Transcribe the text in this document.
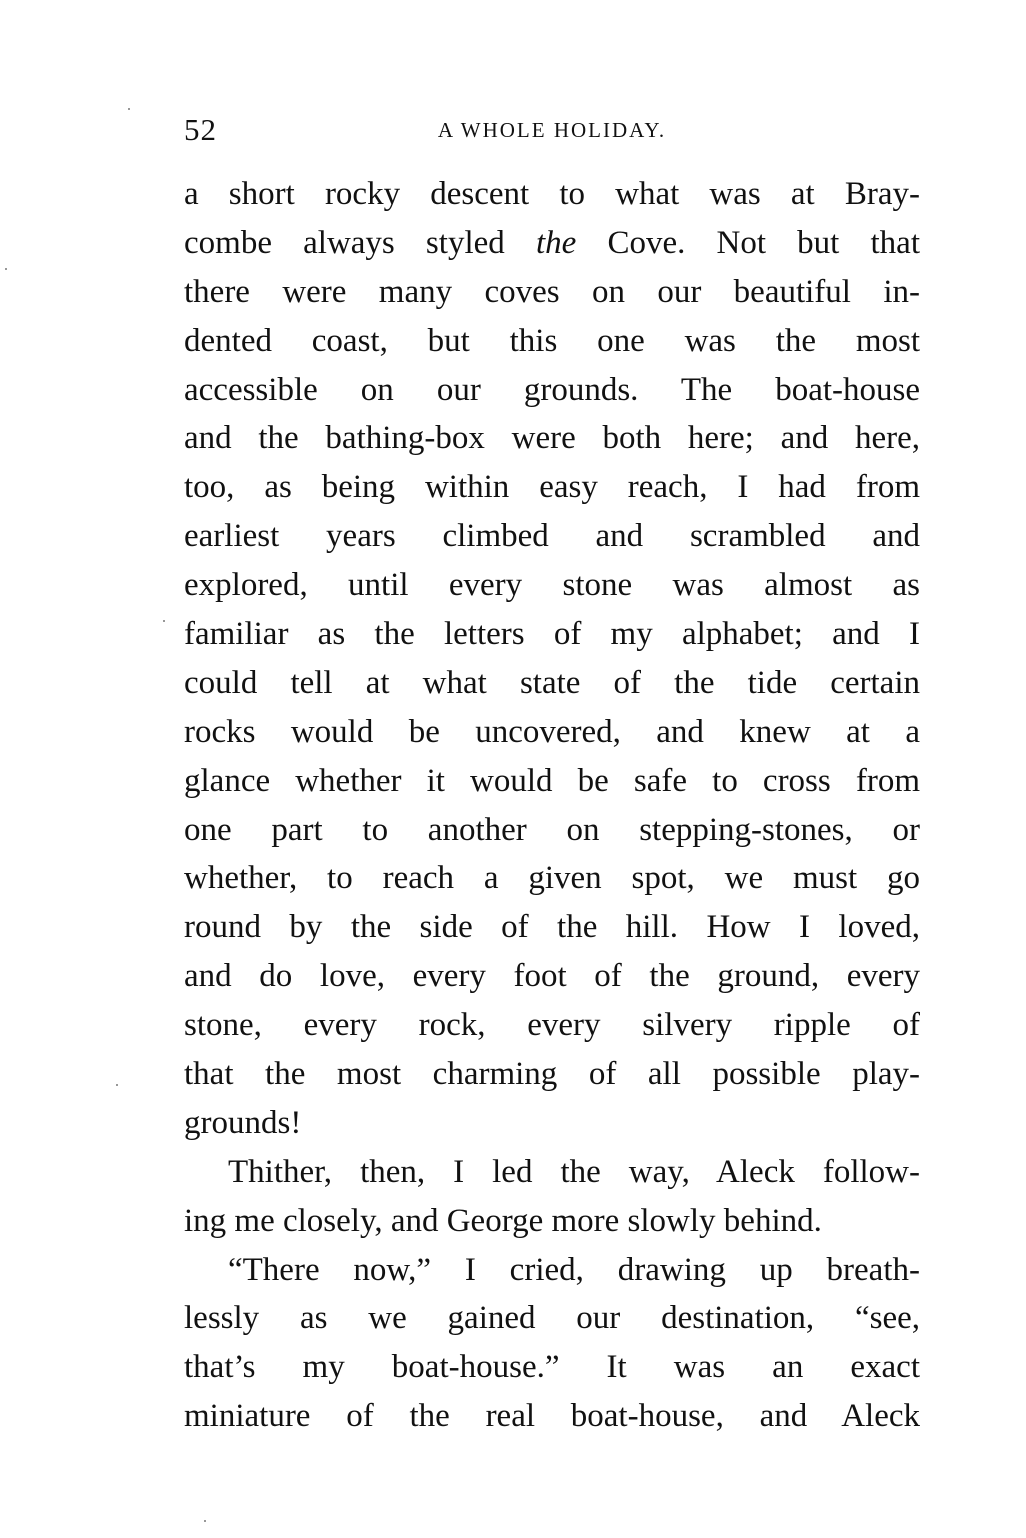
52	A WHOLE HOLIDAY.
a short rocky descent to what was at Bray-
combe always styled the Cove. Not but that
there were many coves on our beautiful in-
dented coast, but this one was the most
accessible on our grounds. The boat-house
and the bathing-box were both here; and here,
too, as being within easy reach, I had from
earliest years climbed and scrambled and
explored, until every stone was almost as
familiar as the letters of my alphabet; and I
could tell at what state of the tide certain
rocks would be uncovered, and knew at a
glance whether it would be safe to cross from
one part to another on stepping-stones, or
whether, to reach a given spot, we must go
round by the side of the hill. How I loved,
and do love, every foot of the ground, every
stone, every rock, every silvery ripple of
that the most charming of all possible play-
grounds!
Thither, then, I led the way, Aleck follow-
ing me closely, and George more slowly behind.
“There now,” I cried, drawing up breath-
lessly as we gained our destination, “see,
that’s my boat-house.” It was an exact
miniature of the real boat-house, and Aleck
